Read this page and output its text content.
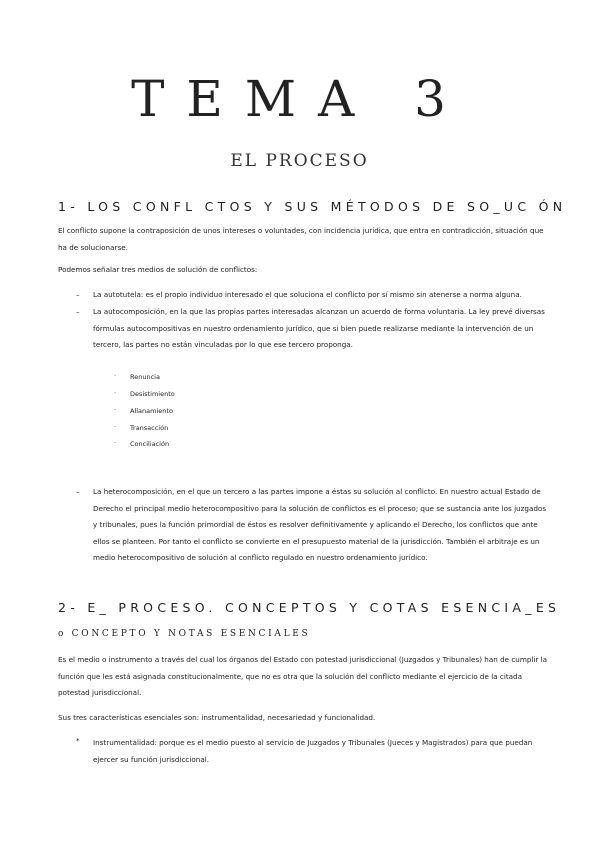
TEMA 3
EL PROCESO
1- LOS CONFL CTOS Y SUS MÉTODOS DE SO_UC ÓN
El conflicto supone la contraposición de unos intereses o voluntades, con incidencia jurídica, que entra en contradicción, situación que ha de solucionarse.
Podemos señalar tres medios de solución de conflictos:
– La autotutela: es el propio individuo interesado el que soluciona el conflicto por sí mismo sin atenerse a norma alguna.
– La autocomposición, en la que las propias partes interesadas alcanzan un acuerdo de forma voluntaria. La ley prevé diversas fórmulas autocompositivas en nuestro ordenamiento jurídico, que si bien puede realizarse mediante la intervención de un tercero, las partes no están vinculadas por lo que ese tercero proponga.
· Renuncia
· Desistimiento
· Allanamiento
· Transacción
· Conciliación
– La heterocomposición, en el que un tercero a las partes impone a éstas su solución al conflicto. En nuestro actual Estado de Derecho el principal medio heterocompositivo para la solución de conflictos es el proceso; que se sustancia ante los juzgados y tribunales, pues la función primordial de éstos es resolver definitivamente y aplicando el Derecho, los conflictos que ante ellos se planteen. Por tanto el conflicto se convierte en el presupuesto material de la jurisdicción. También el arbitraje es un medio heterocompositivo de solución al conflicto regulado en nuestro ordenamiento jurídico.
2- E_ PROCESO. CONCEPTOS Y COTAS ESENCIA_ES
o CONCEPTO Y NOTAS ESENCIALES
Es el medio o instrumento a través del cual los órganos del Estado con potestad jurisdiccional (Juzgados y Tribunales) han de cumplir la función que les está asignada constitucionalmente, que no es otra que la solución del conflicto mediante el ejercicio de la citada potestad jurisdiccional.
Sus tres características esenciales son: instrumentalidad, necesariedad y funcionalidad.
* Instrumentalidad: porque es el medio puesto al servicio de Juzgados y Tribunales (Jueces y Magistrados) para que puedan ejercer su función jurisdiccional.
